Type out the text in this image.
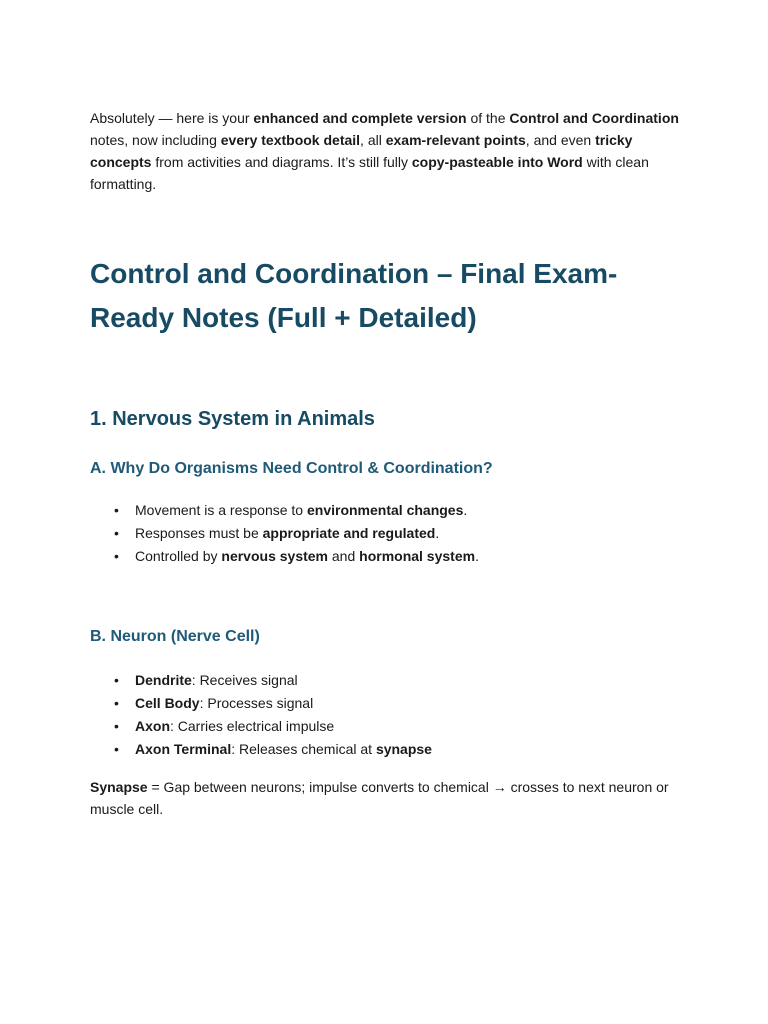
Absolutely — here is your enhanced and complete version of the Control and Coordination notes, now including every textbook detail, all exam-relevant points, and even tricky concepts from activities and diagrams. It’s still fully copy-pasteable into Word with clean formatting.

Control and Coordination – Final Exam-Ready Notes (Full + Detailed)
1. Nervous System in Animals
A. Why Do Organisms Need Control & Coordination?
• Movement is a response to environmental changes.
• Responses must be appropriate and regulated.
• Controlled by nervous system and hormonal system.
B. Neuron (Nerve Cell)
• Dendrite: Receives signal
• Cell Body: Processes signal
• Axon: Carries electrical impulse
• Axon Terminal: Releases chemical at synapse

Synapse = Gap between neurons; impulse converts to chemical → crosses to next neuron or muscle cell.
